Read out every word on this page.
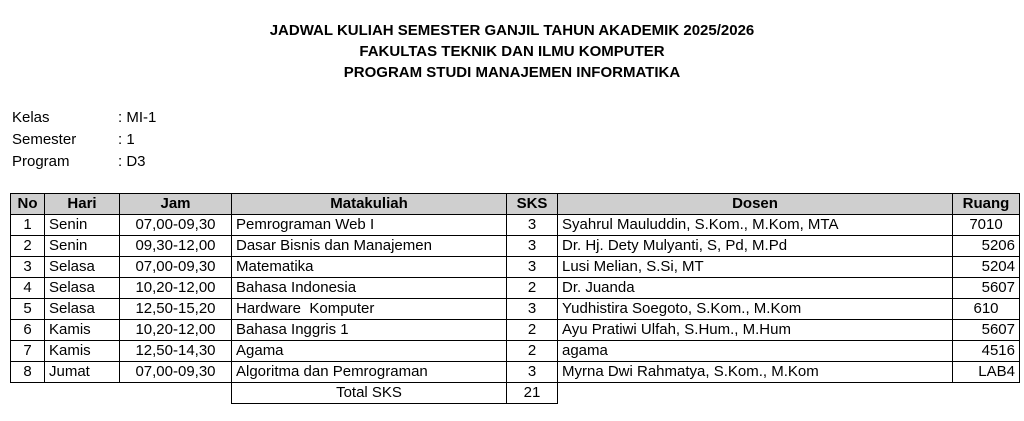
JADWAL KULIAH SEMESTER GANJIL TAHUN AKADEMIK 2025/2026
FAKULTAS TEKNIK DAN ILMU KOMPUTER
PROGRAM STUDI MANAJEMEN INFORMATIKA
Kelas	: MI-1
Semester	: 1
Program	: D3
No	Hari	Jam	Matakuliah	SKS	Dosen	Ruang
1	Senin	07,00-09,30	Pemrograman Web I	3	Syahrul Mauluddin, S.Kom., M.Kom, MTA	7010
2	Senin	09,30-12,00	Dasar Bisnis dan Manajemen	3	Dr. Hj. Dety Mulyanti, S, Pd, M.Pd	5206
3	Selasa	07,00-09,30	Matematika	3	Lusi Melian, S.Si, MT	5204
4	Selasa	10,20-12,00	Bahasa Indonesia	2	Dr. Juanda	5607
5	Selasa	12,50-15,20	Hardware  Komputer	3	Yudhistira Soegoto, S.Kom., M.Kom	610
6	Kamis	10,20-12,00	Bahasa Inggris 1	2	Ayu Pratiwi Ulfah, S.Hum., M.Hum	5607
7	Kamis	12,50-14,30	Agama	2	agama	4516
8	Jumat	07,00-09,30	Algoritma dan Pemrograman	3	Myrna Dwi Rahmatya, S.Kom., M.Kom	LAB4
			Total SKS	21		
